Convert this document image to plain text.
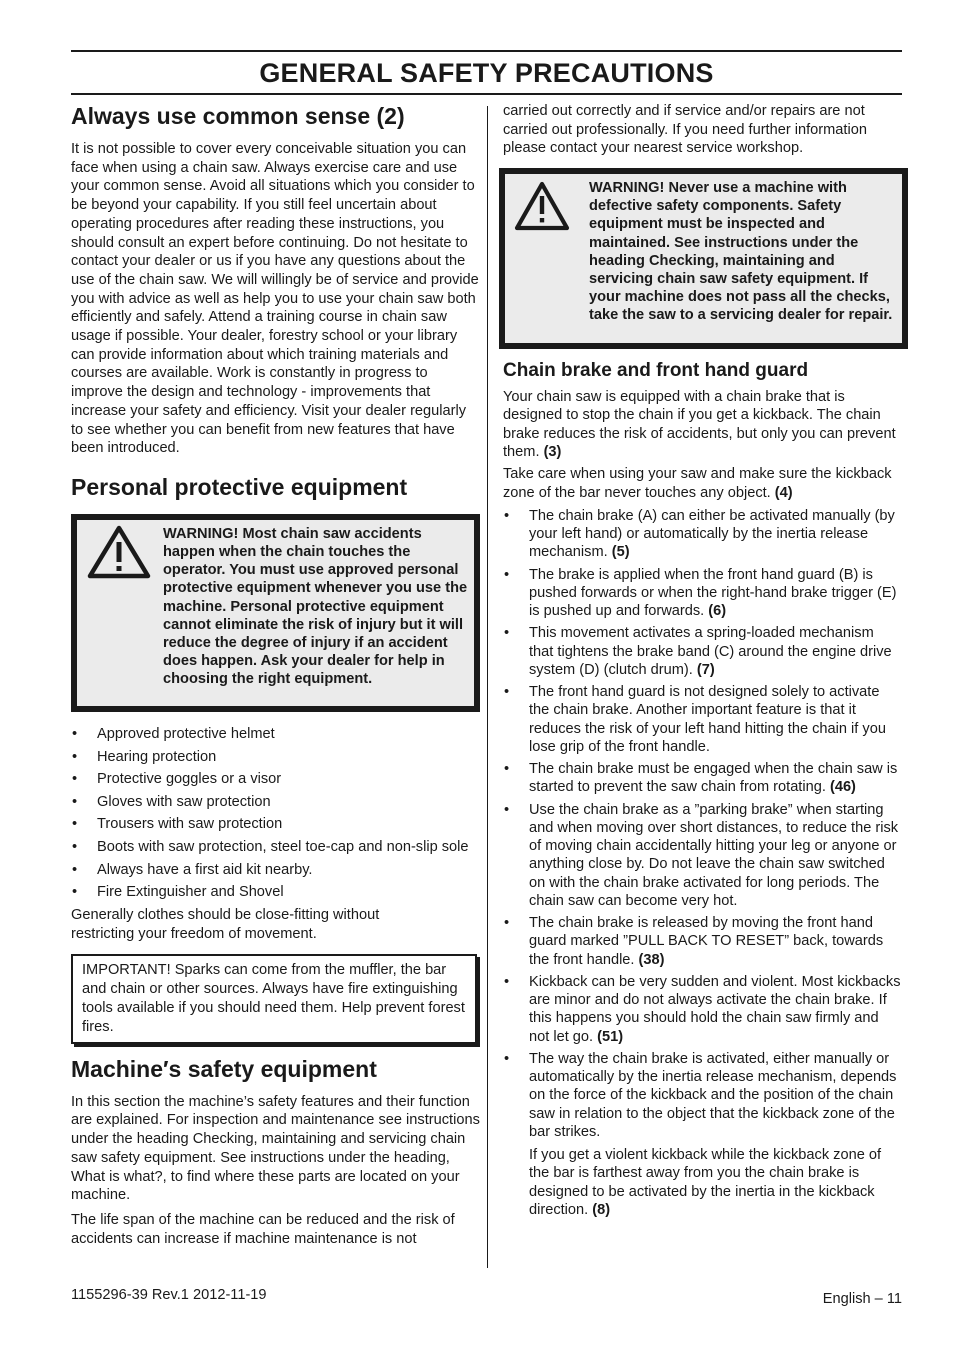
GENERAL SAFETY PRECAUTIONS
Always use common sense (2)
It is not possible to cover every conceivable situation you can face when using a chain saw. Always exercise care and use your common sense. Avoid all situations which you consider to be beyond your capability. If you still feel uncertain about operating procedures after reading these instructions, you should consult an expert before continuing. Do not hesitate to contact your dealer or us if you have any questions about the use of the chain saw. We will willingly be of service and provide you with advice as well as help you to use your chain saw both efficiently and safely. Attend a training course in chain saw usage if possible. Your dealer, forestry school or your library can provide information about which training materials and courses are available. Work is constantly in progress to improve the design and technology - improvements that increase your safety and efficiency. Visit your dealer regularly to see whether you can benefit from new features that have been introduced.
Personal protective equipment
WARNING! Most chain saw accidents happen when the chain touches the operator. You must use approved personal protective equipment whenever you use the machine. Personal protective equipment cannot eliminate the risk of injury but it will reduce the degree of injury if an accident does happen. Ask your dealer for help in choosing the right equipment.
• Approved protective helmet
• Hearing protection
• Protective goggles or a visor
• Gloves with saw protection
• Trousers with saw protection
• Boots with saw protection, steel toe-cap and non-slip sole
• Always have a first aid kit nearby.
• Fire Extinguisher and Shovel
Generally clothes should be close-fitting without restricting your freedom of movement.
IMPORTANT! Sparks can come from the muffler, the bar and chain or other sources. Always have fire extinguishing tools available if you should need them. Help prevent forest fires.
Machine′s safety equipment
In this section the machine’s safety features and their function are explained. For inspection and maintenance see instructions under the heading Checking, maintaining and servicing chain saw safety equipment. See instructions under the heading, What is what?, to find where these parts are located on your machine.
The life span of the machine can be reduced and the risk of accidents can increase if machine maintenance is not
carried out correctly and if service and/or repairs are not carried out professionally. If you need further information please contact your nearest service workshop.
WARNING! Never use a machine with defective safety components. Safety equipment must be inspected and maintained. See instructions under the heading Checking, maintaining and servicing chain saw safety equipment. If your machine does not pass all the checks, take the saw to a servicing dealer for repair.
Chain brake and front hand guard
Your chain saw is equipped with a chain brake that is designed to stop the chain if you get a kickback. The chain brake reduces the risk of accidents, but only you can prevent them. (3)
Take care when using your saw and make sure the kickback zone of the bar never touches any object. (4)
• The chain brake (A) can either be activated manually (by your left hand) or automatically by the inertia release mechanism. (5)
• The brake is applied when the front hand guard (B) is pushed forwards or when the right-hand brake trigger (E) is pushed up and forwards. (6)
• This movement activates a spring-loaded mechanism that tightens the brake band (C) around the engine drive system (D) (clutch drum). (7)
• The front hand guard is not designed solely to activate the chain brake. Another important feature is that it reduces the risk of your left hand hitting the chain if you lose grip of the front handle.
• The chain brake must be engaged when the chain saw is started to prevent the saw chain from rotating. (46)
• Use the chain brake as a ”parking brake” when starting and when moving over short distances, to reduce the risk of moving chain accidentally hitting your leg or anyone or anything close by. Do not leave the chain saw switched on with the chain brake activated for long periods. The chain saw can become very hot.
• The chain brake is released by moving the front hand guard marked ”PULL BACK TO RESET” back, towards the front handle. (38)
• Kickback can be very sudden and violent. Most kickbacks are minor and do not always activate the chain brake. If this happens you should hold the chain saw firmly and not let go. (51)
• The way the chain brake is activated, either manually or automatically by the inertia release mechanism, depends on the force of the kickback and the position of the chain saw in relation to the object that the kickback zone of the bar strikes.
If you get a violent kickback while the kickback zone of the bar is farthest away from you the chain brake is designed to be activated by the inertia in the kickback direction. (8)
1155296-39 Rev.1 2012-11-19	English – 11
